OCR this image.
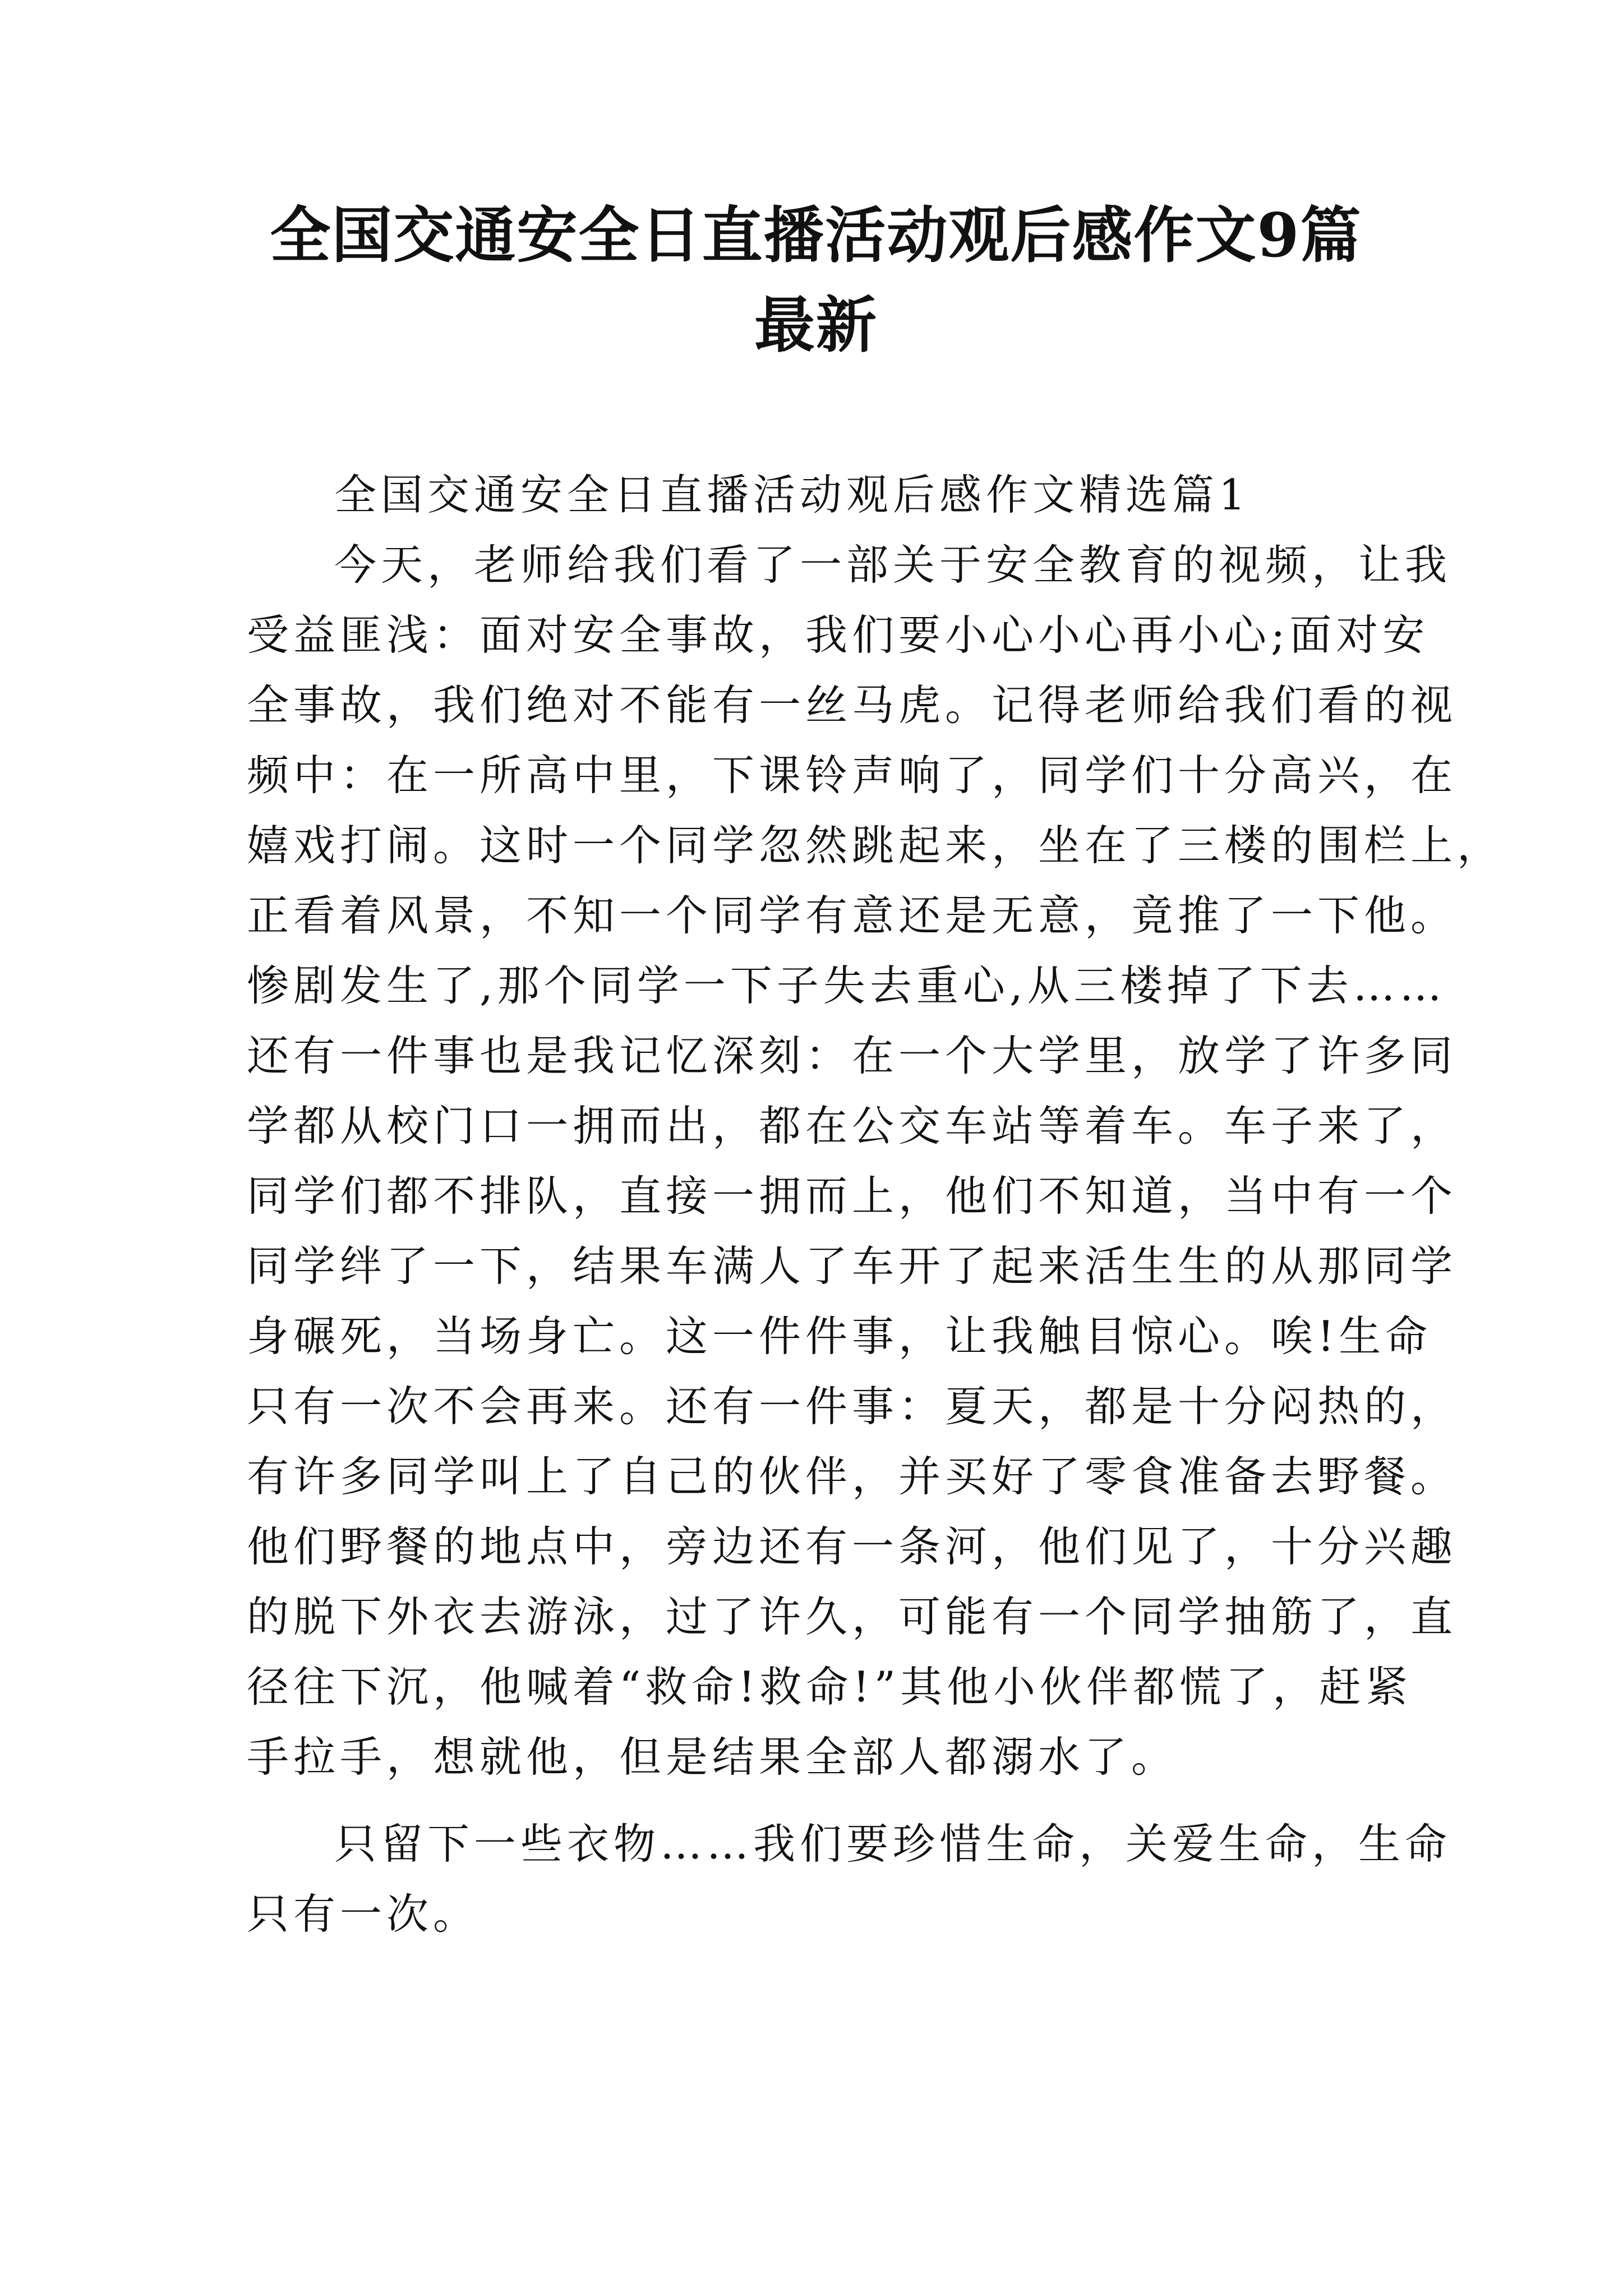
全国交通安全日直播活动观后感作文9篇最新
全国交通安全日直播活动观后感作文精选篇1
今天，老师给我们看了一部关于安全教育的视频，让我
受益匪浅：面对安全事故，我们要小心小心再小心;面对安
全事故，我们绝对不能有一丝马虎。记得老师给我们看的视
频中：在一所高中里，下课铃声响了，同学们十分高兴，在
嬉戏打闹。这时一个同学忽然跳起来，坐在了三楼的围栏上，
正看着风景，不知一个同学有意还是无意，竟推了一下他。
惨剧发生了,那个同学一下子失去重心,从三楼掉了下去……
还有一件事也是我记忆深刻：在一个大学里，放学了许多同
学都从校门口一拥而出，都在公交车站等着车。车子来了，
同学们都不排队，直接一拥而上，他们不知道，当中有一个
同学绊了一下，结果车满人了车开了起来活生生的从那同学
身碾死，当场身亡。这一件件事，让我触目惊心。唉!生命
只有一次不会再来。还有一件事：夏天，都是十分闷热的，
有许多同学叫上了自己的伙伴，并买好了零食准备去野餐。
他们野餐的地点中，旁边还有一条河，他们见了，十分兴趣
的脱下外衣去游泳，过了许久，可能有一个同学抽筋了，直
径往下沉，他喊着“救命!救命!”其他小伙伴都慌了，赶紧
手拉手，想就他，但是结果全部人都溺水了。
只留下一些衣物……我们要珍惜生命，关爱生命，生命
只有一次。
